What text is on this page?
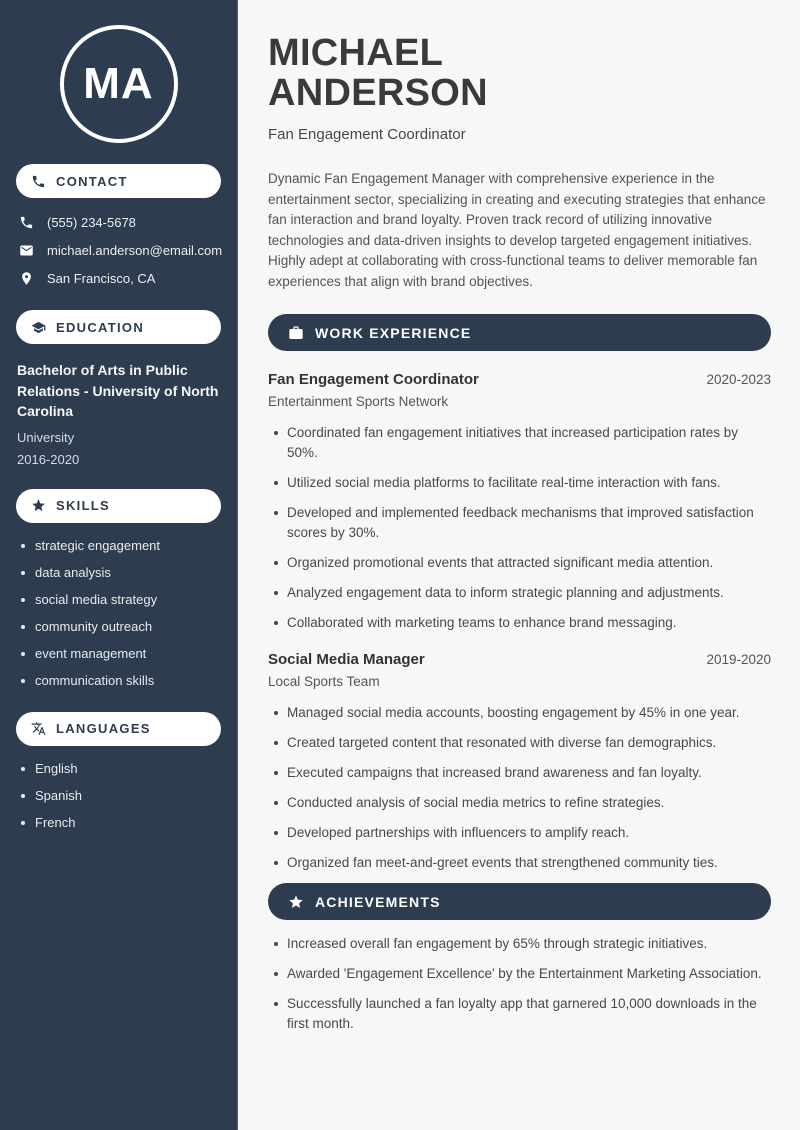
MA
CONTACT
(555) 234-5678
michael.anderson@email.com
San Francisco, CA
EDUCATION
Bachelor of Arts in Public Relations - University of North Carolina
University
2016-2020
SKILLS
strategic engagement
data analysis
social media strategy
community outreach
event management
communication skills
LANGUAGES
English
Spanish
French
MICHAEL
ANDERSON
Fan Engagement Coordinator

Dynamic Fan Engagement Manager with comprehensive experience in the entertainment sector, specializing in creating and executing strategies that enhance fan interaction and brand loyalty. Proven track record of utilizing innovative technologies and data-driven insights to develop targeted engagement initiatives. Highly adept at collaborating with cross-functional teams to deliver memorable fan experiences that align with brand objectives.

WORK EXPERIENCE
Fan Engagement Coordinator	2020-2023
Entertainment Sports Network
Coordinated fan engagement initiatives that increased participation rates by 50%.
Utilized social media platforms to facilitate real-time interaction with fans.
Developed and implemented feedback mechanisms that improved satisfaction scores by 30%.
Organized promotional events that attracted significant media attention.
Analyzed engagement data to inform strategic planning and adjustments.
Collaborated with marketing teams to enhance brand messaging.
Social Media Manager	2019-2020
Local Sports Team
Managed social media accounts, boosting engagement by 45% in one year.
Created targeted content that resonated with diverse fan demographics.
Executed campaigns that increased brand awareness and fan loyalty.
Conducted analysis of social media metrics to refine strategies.
Developed partnerships with influencers to amplify reach.
Organized fan meet-and-greet events that strengthened community ties.
ACHIEVEMENTS
Increased overall fan engagement by 65% through strategic initiatives.
Awarded 'Engagement Excellence' by the Entertainment Marketing Association.
Successfully launched a fan loyalty app that garnered 10,000 downloads in the first month.
